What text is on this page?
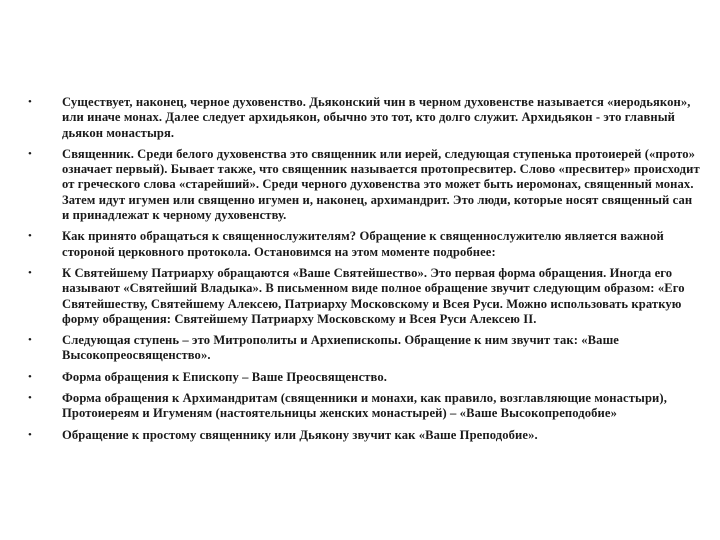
•	Существует, наконец, черное духовенство. Дьяконский чин в черном духовенстве называется «иеродьякон», или иначе монах. Далее следует архидьякон, обычно это тот, кто долго служит. Архидьякон - это главный дьякон монастыря.
•	Священник. Среди белого духовенства это священник или иерей, следующая ступенька протоиерей («прото» означает первый). Бывает также, что священник называется протопресвитер. Слово «пресвитер» происходит от греческого слова «старейший». Среди черного духовенства это может быть иеромонах, священный монах. Затем идут игумен или священно игумен и, наконец, архимандрит. Это люди, которые носят священный сан и принадлежат к черному духовенству.
•	Как принято обращаться к священнослужителям? Обращение к священнослужителю является важной стороной церковного протокола. Остановимся на этом моменте подробнее:
•	К Святейшему Патриарху обращаются «Ваше Святейшество». Это первая форма обращения. Иногда его называют «Святейший Владыка». В письменном виде полное обращение звучит следующим образом: «Его Святейшеству, Святейшему Алексею, Патриарху Московскому и Всея Руси. Можно использовать краткую форму обращения: Святейшему Патриарху Московскому и Всея Руси Алексею II.
•	Следующая ступень – это Митрополиты и Архиепископы. Обращение к ним звучит так: «Ваше Высокопреосвященство».
•	Форма обращения к Епископу – Ваше Преосвященство.
•	Форма обращения к Архимандритам (священники и монахи, как правило, возглавляющие монастыри), Протоиереям и Игуменям (настоятельницы женских монастырей) – «Ваше Высокопреподобие»
•	Обращение к простому священнику или Дьякону звучит как «Ваше Преподобие».
